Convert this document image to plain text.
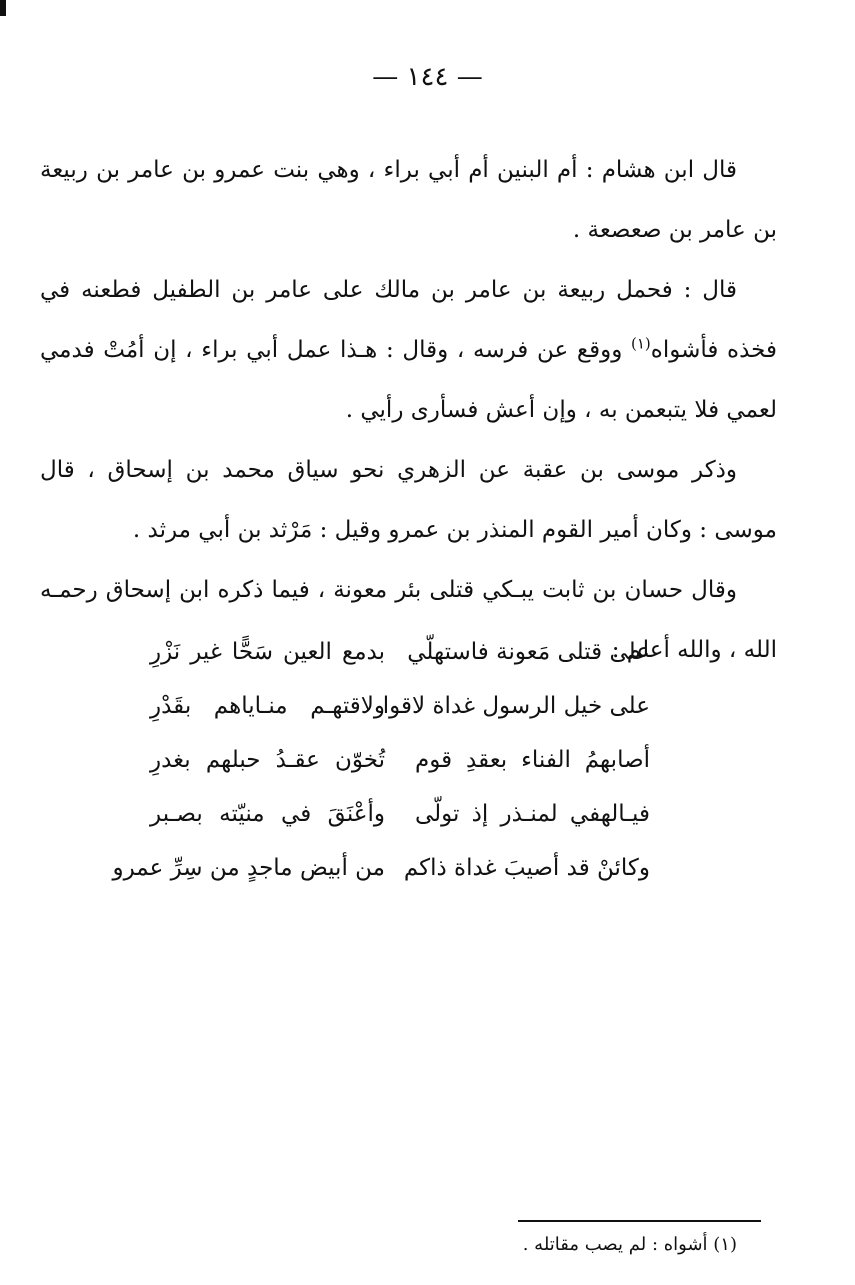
— ١٤٤ —

قال ابن هشام : أم البنين أم أبي براء ، وهي بنت عمرو بن عامر بن ربيعة بن عامر بن صعصعة .

قال : فحمل ربيعة بن عامر بن مالك على عامر بن الطفيل فطعنه في فخذه فأشواه$^{(١)}$ ووقع عن فرسه ، وقال : هـذا عمل أبي براء ، إن أمُتْ فدمي لعمي فلا يتبعمن به ، وإن أعش فسأرى رأيي .

وذكر موسى بن عقبة عن الزهري نحو سياق محمد بن إسحاق ، قال موسى : وكان أمير القوم المنذر بن عمرو وقيل : مَرْثد بن أبي مرثد .

وقال حسان بن ثابت يبـكي قتلى بئر معونة ، فيما ذكره ابن إسحاق رحمـه الله ، والله أعلم :

على قتلى مَعونة فاستهلّي
بدمع العين سَحًّا غير نَزْرِ
على خيل الرسول غداة لاقوا
ولاقتهـم منـاياهم بقَدْرِ
أصابهمُ الفناء بعقدِ قوم
تُخوّن عقـدُ حبلهم بغدرِ
فيـالهفي لمنـذر إذ تولّى
وأعْنَقَ في منيّته بصـبر
وكائنْ قد أصيبَ غداة ذاكم
من أبيض ماجدٍ من سِرِّ عمرو
(١) أشواه : لم يصب مقاتله .
